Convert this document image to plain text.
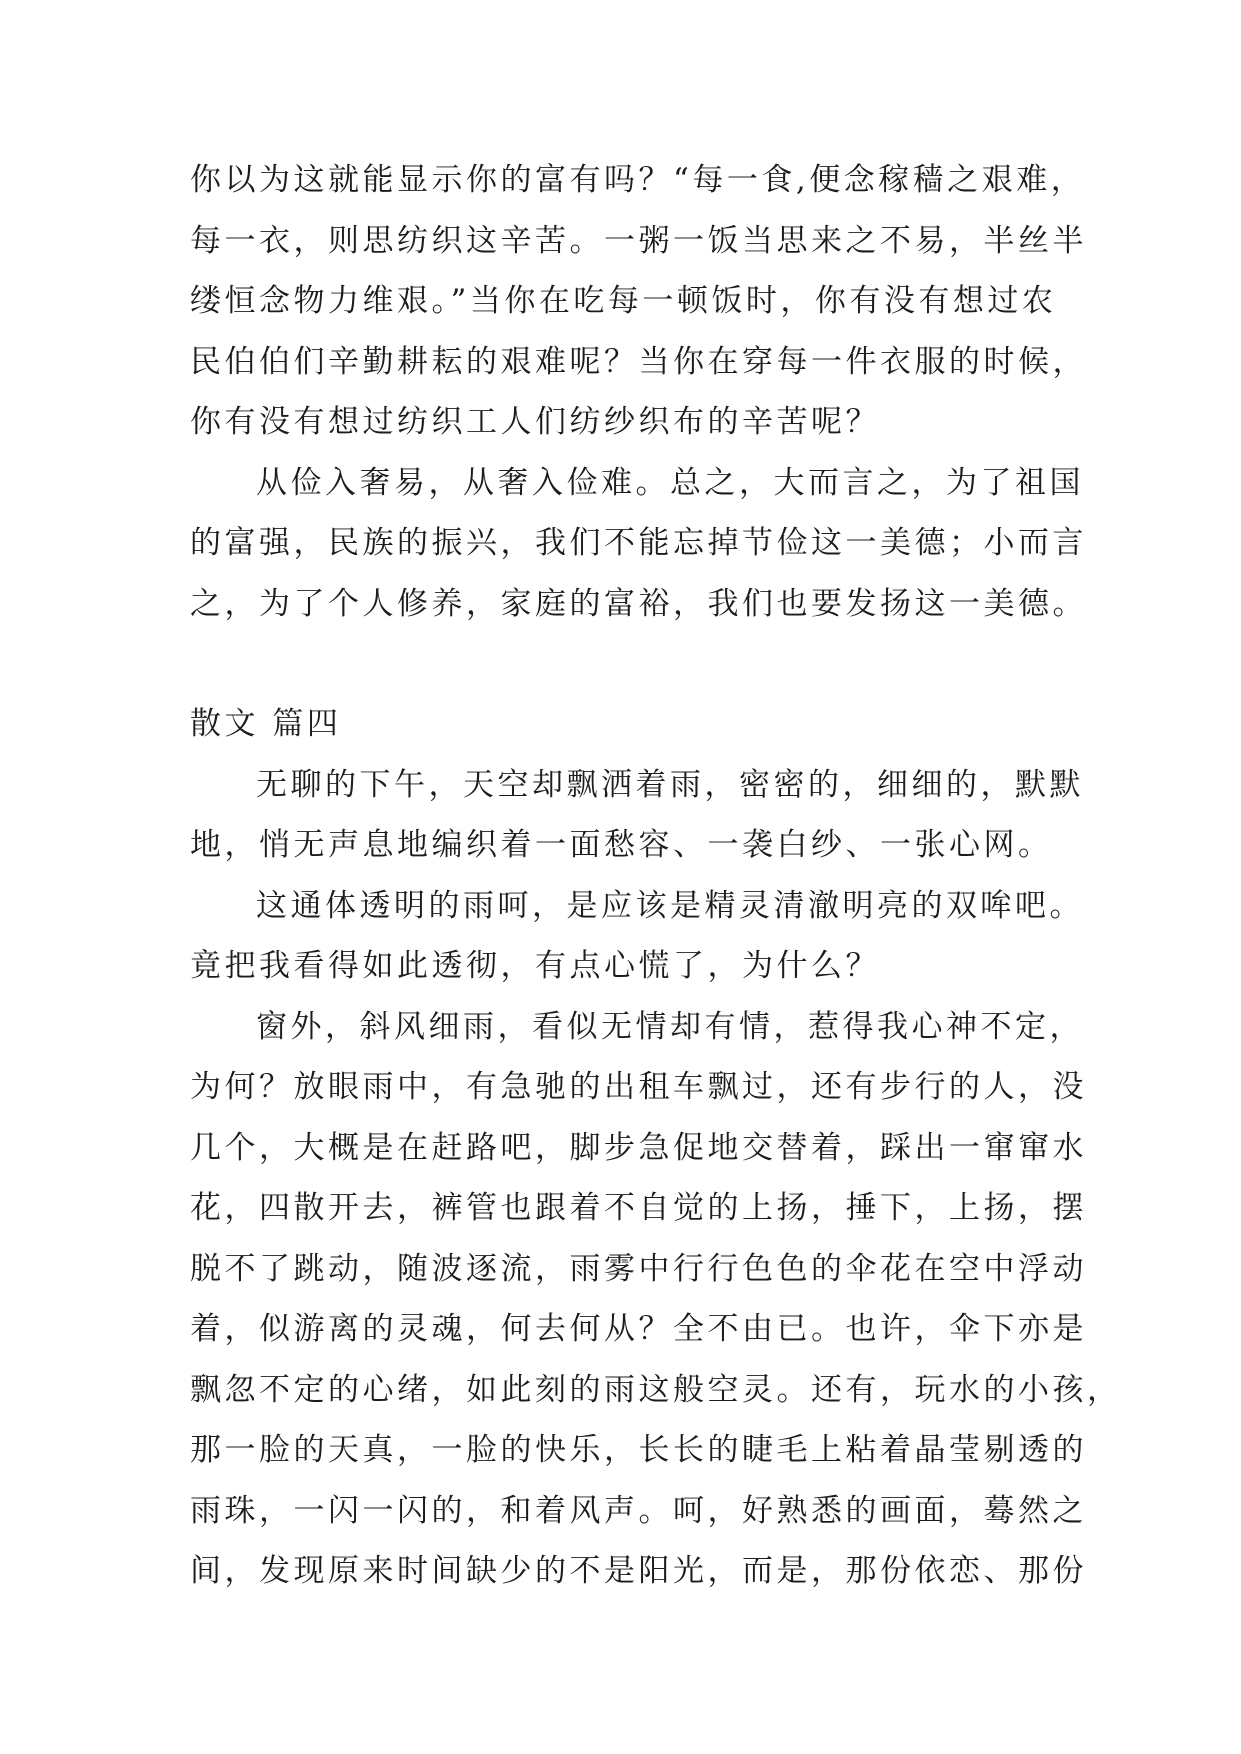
你以为这就能显示你的富有吗？“每一食,便念稼穑之艰难，
每一衣，则思纺织这辛苦。一粥一饭当思来之不易，半丝半
缕恒念物力维艰。”当你在吃每一顿饭时，你有没有想过农
民伯伯们辛勤耕耘的艰难呢？当你在穿每一件衣服的时候，
你有没有想过纺织工人们纺纱织布的辛苦呢？
从俭入奢易，从奢入俭难。总之，大而言之，为了祖国
的富强，民族的振兴，我们不能忘掉节俭这一美德；小而言
之，为了个人修养，家庭的富裕，我们也要发扬这一美德。
散文 篇四
无聊的下午，天空却飘洒着雨，密密的，细细的，默默
地，悄无声息地编织着一面愁容、一袭白纱、一张心网。
这通体透明的雨呵，是应该是精灵清澈明亮的双哞吧。
竟把我看得如此透彻，有点心慌了，为什么？
窗外，斜风细雨，看似无情却有情，惹得我心神不定，
为何？放眼雨中，有急驰的出租车飘过，还有步行的人，没
几个，大概是在赶路吧，脚步急促地交替着，踩出一窜窜水
花，四散开去，裤管也跟着不自觉的上扬，捶下，上扬，摆
脱不了跳动，随波逐流，雨雾中行行色色的伞花在空中浮动
着，似游离的灵魂，何去何从？全不由已。也许，伞下亦是
飘忽不定的心绪，如此刻的雨这般空灵。还有，玩水的小孩，
那一脸的天真，一脸的快乐，长长的睫毛上粘着晶莹剔透的
雨珠，一闪一闪的，和着风声。呵，好熟悉的画面，蓦然之
间，发现原来时间缺少的不是阳光，而是，那份依恋、那份
